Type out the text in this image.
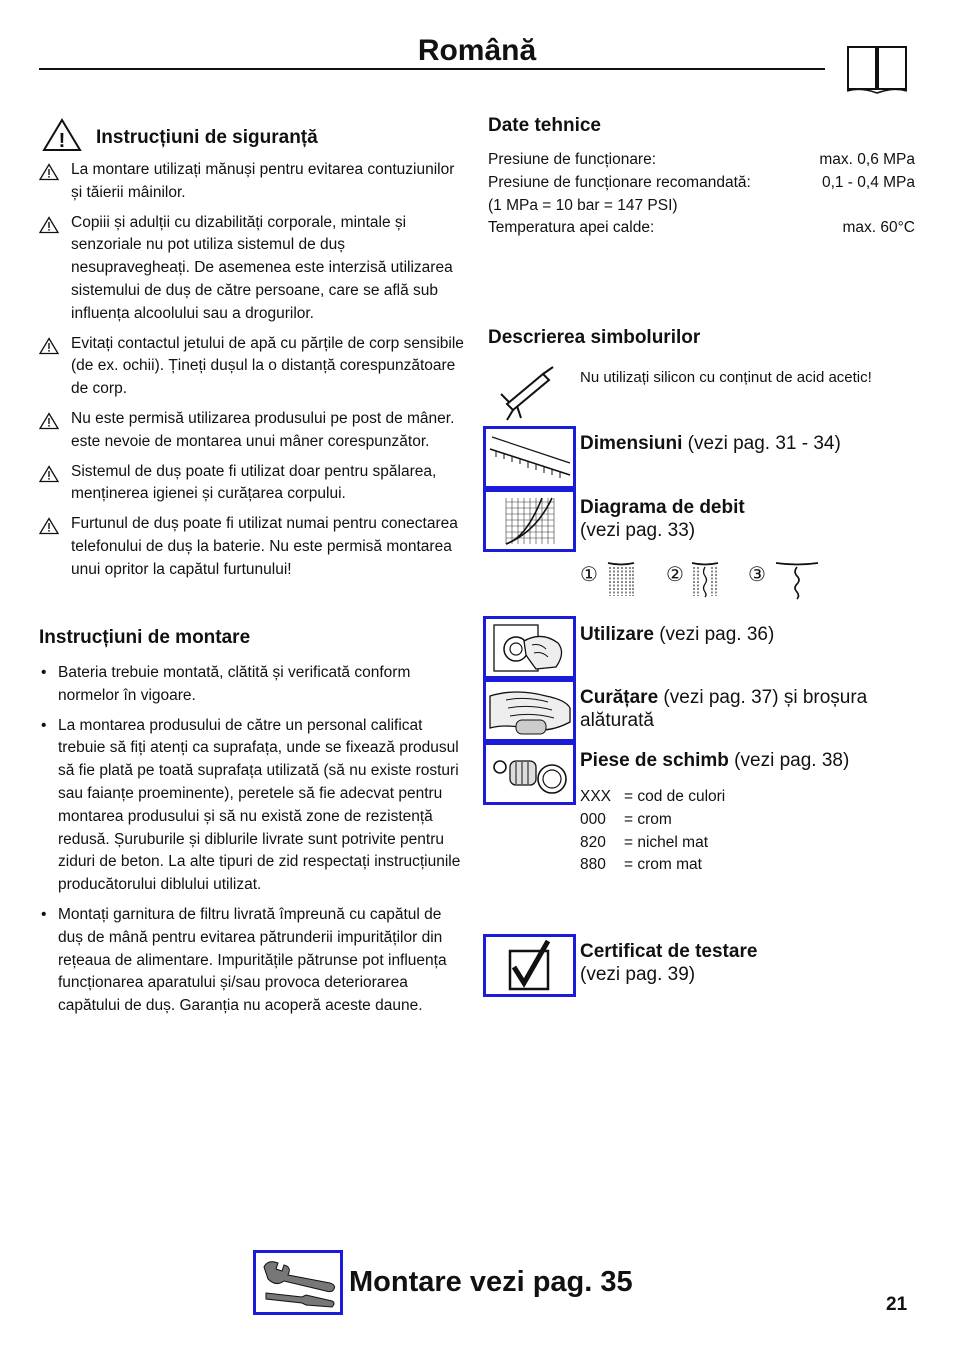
Română
! Instrucțiuni de siguranță
La montare utilizați mănuși pentru evitarea contuziunilor și tăierii mâinilor.
Copiii și adulții cu dizabilități corporale, mintale și senzoriale nu pot utiliza sistemul de duș nesupravegheați. De asemenea este interzisă utilizarea sistemului de duș de către persoane, care se află sub influența alcoolului sau a drogurilor.
Evitați contactul jetului de apă cu părțile de corp sensibile (de ex. ochii). Țineți dușul la o distanță corespunzătoare de corp.
Nu este permisă utilizarea produsului pe post de mâner. este nevoie de montarea unui mâner corespunzător.
Sistemul de duș poate fi utilizat doar pentru spălarea, menținerea igienei și curățarea corpului.
Furtunul de duș poate fi utilizat numai pentru conectarea telefonului de duș la baterie. Nu este permisă montarea unui opritor la capătul furtunului!
Instrucțiuni de montare
• Bateria trebuie montată, clătită și verificată conform normelor în vigoare.
• La montarea produsului de către un personal calificat trebuie să fiți atenți ca suprafața, unde se fixează produsul să fie plată pe toată suprafața utilizată (să nu existe rosturi sau faianțe proeminente), peretele să fie adecvat pentru montarea produsului și să nu există zone de rezistență redusă. Șuruburile și diblurile livrate sunt potrivite pentru ziduri de beton. La alte tipuri de zid respectați instrucțiunile producătorului diblului utilizat.
• Montați garnitura de filtru livrată împreună cu capătul de duș de mână pentru evitarea pătrunderii impurităților din rețeaua de alimentare. Impuritățile pătrunse pot influența funcționarea aparatului și/sau provoca deteriorarea capătului de duș. Garanția nu acoperă aceste daune.
Date tehnice
Presiune de funcționare:	max. 0,6 MPa
Presiune de funcționare recomandată:	0,1 - 0,4 MPa
(1 MPa = 10 bar = 147 PSI)
Temperatura apei calde:	max. 60°C
Descrierea simbolurilor
Nu utilizați silicon cu conținut de acid acetic!
Dimensiuni (vezi pag. 31 - 34)
Diagrama de debit
(vezi pag. 33)
①	②	③
Utilizare (vezi pag. 36)
Curățare (vezi pag. 37) și broșura alăturată
Piese de schimb (vezi pag. 38)
XXX = cod de culori
000 = crom
820 = nichel mat
880 = crom mat
Certificat de testare
(vezi pag. 39)
Montare vezi pag. 35
21
